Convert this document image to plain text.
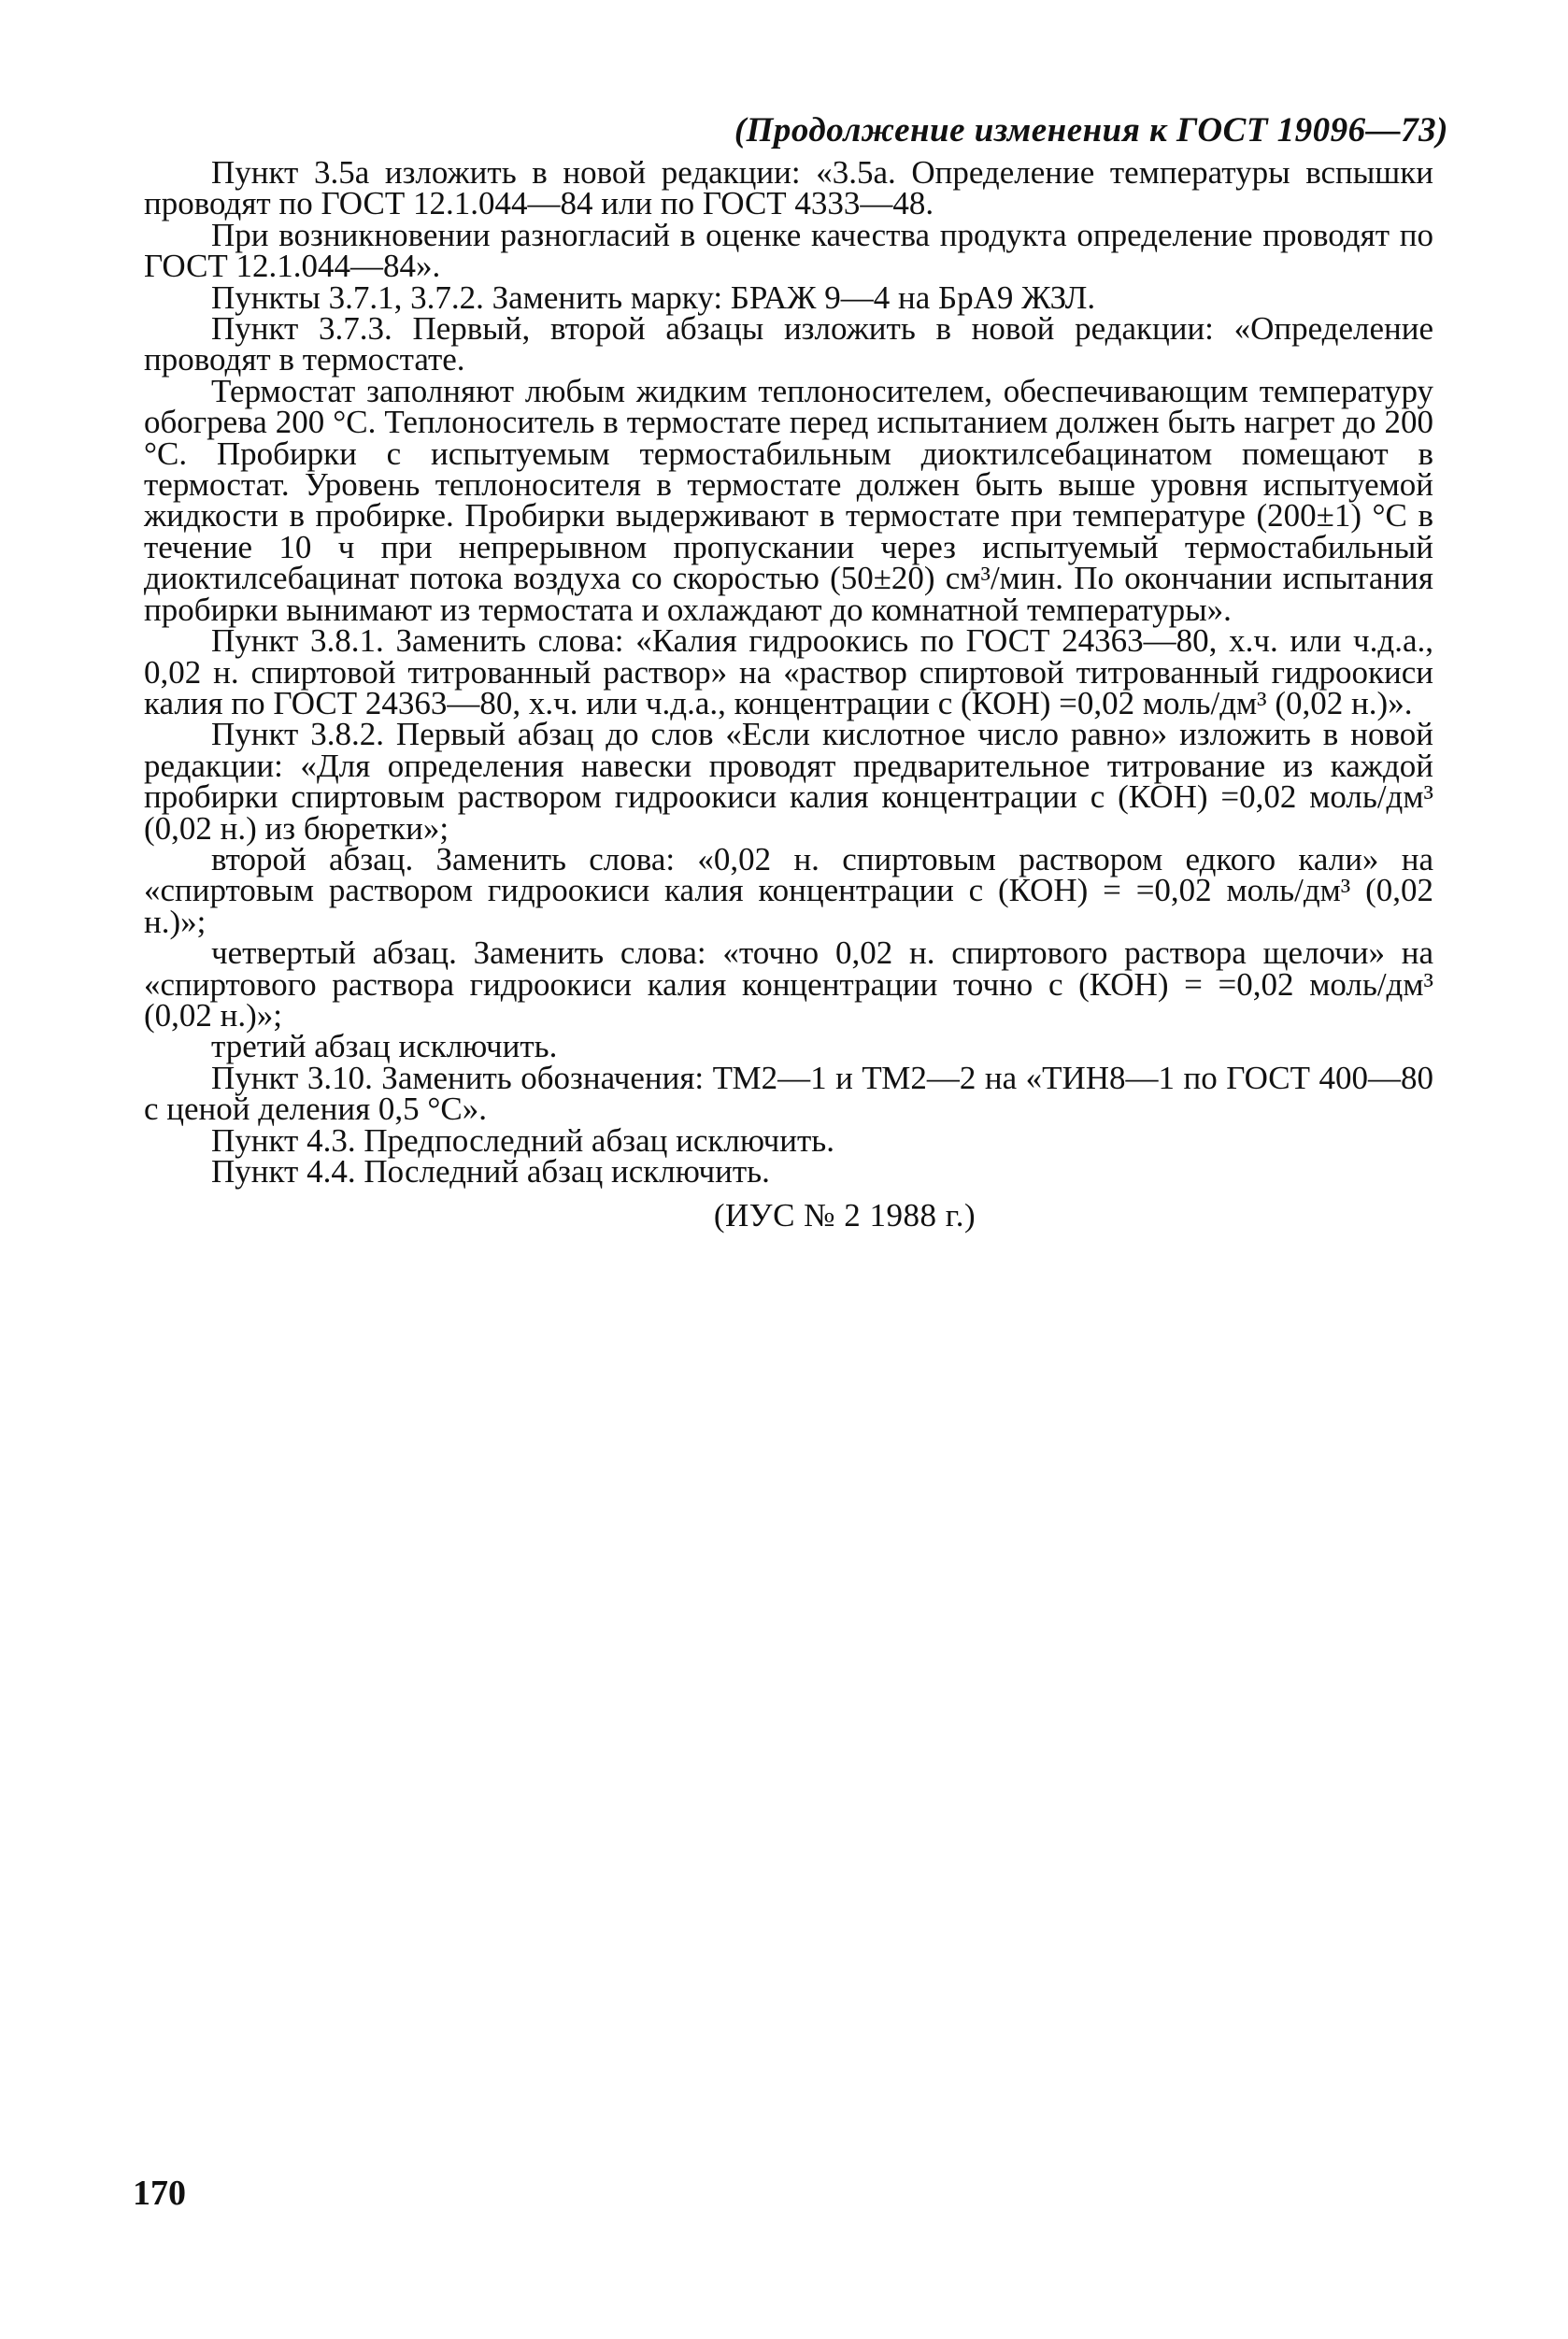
(Продолжение изменения к ГОСТ 19096—73)

Пункт 3.5а изложить в новой редакции: «3.5а. Определение температуры вспышки проводят по ГОСТ 12.1.044—84 или по ГОСТ 4333—48.

При возникновении разногласий в оценке качества продукта определение проводят по ГОСТ 12.1.044—84».

Пункты 3.7.1, 3.7.2. Заменить марку: БРАЖ 9—4 на БрА9 ЖЗЛ.

Пункт 3.7.3. Первый, второй абзацы изложить в новой редакции: «Определение проводят в термостате.

Термостат заполняют любым жидким теплоносителем, обеспечивающим температуру обогрева 200 °С. Теплоноситель в термостате перед испытанием должен быть нагрет до 200 °С. Пробирки с испытуемым термостабильным диоктилсебацинатом помещают в термостат. Уровень теплоносителя в термостате должен быть выше уровня испытуемой жидкости в пробирке. Пробирки выдерживают в термостате при температуре (200±1) °С в течение 10 ч при непрерывном пропускании через испытуемый термостабильный диоктилсебацинат потока воздуха со скоростью (50±20) см³/мин. По окончании испытания пробирки вынимают из термостата и охлаждают до комнатной температуры».

Пункт 3.8.1. Заменить слова: «Калия гидроокись по ГОСТ 24363—80, х.ч. или ч.д.а., 0,02 н. спиртовой титрованный раствор» на «раствор спиртовой титрованный гидроокиси калия по ГОСТ 24363—80, х.ч. или ч.д.а., концентрации с (КОН) =0,02 моль/дм³ (0,02 н.)».

Пункт 3.8.2. Первый абзац до слов «Если кислотное число равно» изложить в новой редакции: «Для определения навески проводят предварительное титрование из каждой пробирки спиртовым раствором гидроокиси калия концентрации с (КОН) =0,02 моль/дм³ (0,02 н.) из бюретки»;

второй абзац. Заменить слова: «0,02 н. спиртовым раствором едкого кали» на «спиртовым раствором гидроокиси калия концентрации с (КОН) = =0,02 моль/дм³ (0,02 н.)»;

четвертый абзац. Заменить слова: «точно 0,02 н. спиртового раствора щелочи» на «спиртового раствора гидроокиси калия концентрации точно с (КОН) = =0,02 моль/дм³ (0,02 н.)»;

третий абзац исключить.

Пункт 3.10. Заменить обозначения: ТМ2—1 и ТМ2—2 на «ТИН8—1 по ГОСТ 400—80 с ценой деления 0,5 °С».

Пункт 4.3. Предпоследний абзац исключить.

Пункт 4.4. Последний абзац исключить.

(ИУС № 2 1988 г.)

170
